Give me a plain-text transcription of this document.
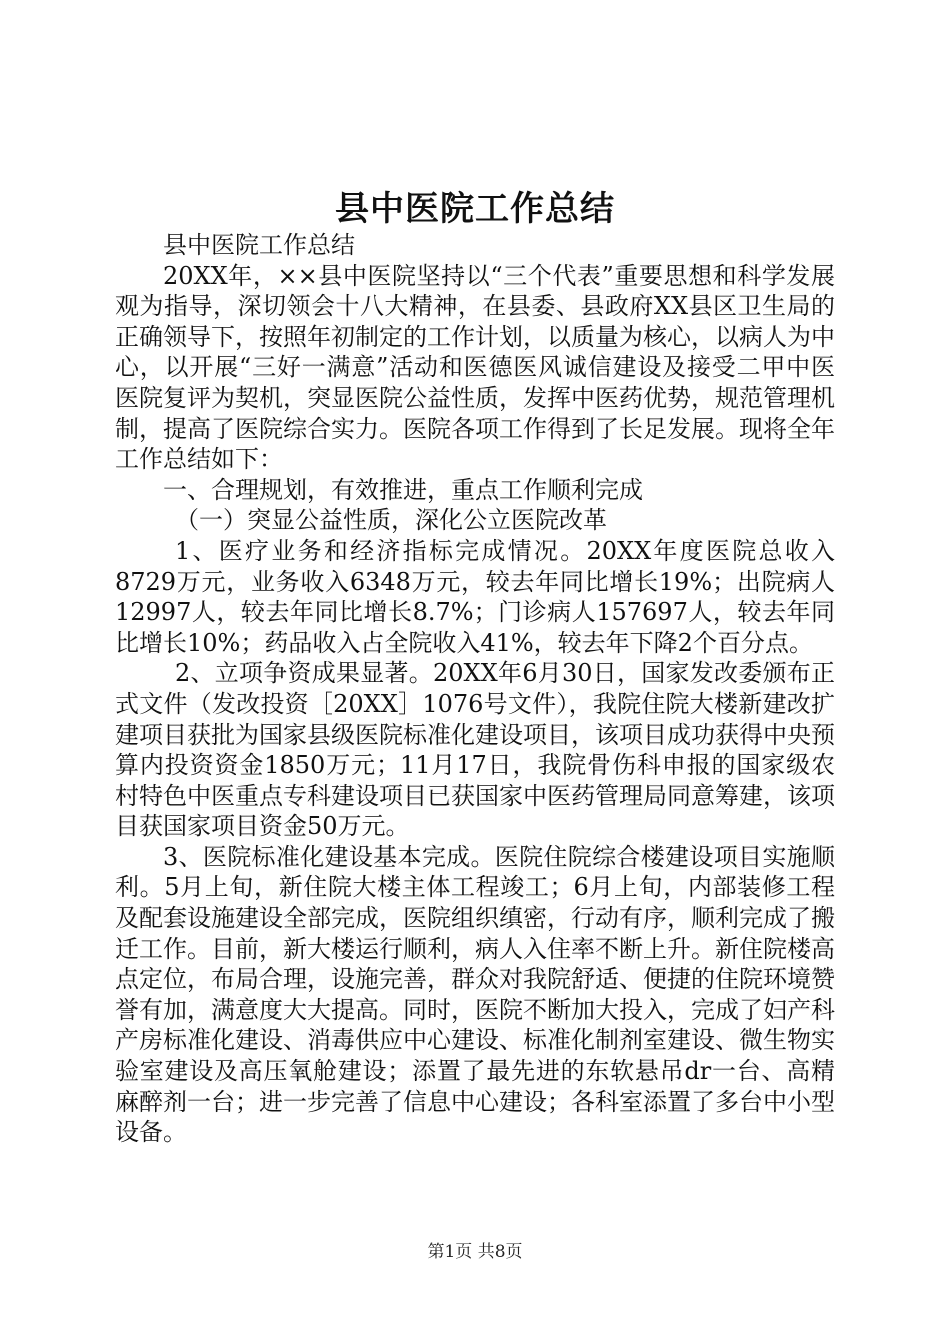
县中医院工作总结

县中医院工作总结

20XX年，××县中医院坚持以“三个代表”重要思想和科学发展观为指导，深切领会十八大精神，在县委、县政府XX县区卫生局的正确领导下，按照年初制定的工作计划，以质量为核心，以病人为中心，以开展“三好一满意”活动和医德医风诚信建设及接受二甲中医医院复评为契机，突显医院公益性质，发挥中医药优势，规范管理机制，提高了医院综合实力。医院各项工作得到了长足发展。现将全年工作总结如下：

一、合理规划，有效推进，重点工作顺利完成

（一）突显公益性质，深化公立医院改革

1、医疗业务和经济指标完成情况。20XX年度医院总收入8729万元，业务收入6348万元，较去年同比增长19%；出院病人12997人，较去年同比增长8.7%；门诊病人157697人，较去年同比增长10%；药品收入占全院收入41%，较去年下降2个百分点。

2、立项争资成果显著。20XX年6月30日，国家发改委颁布正式文件（发改投资［20XX］1076号文件），我院住院大楼新建改扩建项目获批为国家县级医院标准化建设项目，该项目成功获得中央预算内投资资金1850万元；11月17日，我院骨伤科申报的国家级农村特色中医重点专科建设项目已获国家中医药管理局同意筹建，该项目获国家项目资金50万元。

3、医院标准化建设基本完成。医院住院综合楼建设项目实施顺利。5月上旬，新住院大楼主体工程竣工；6月上旬，内部装修工程及配套设施建设全部完成，医院组织缜密，行动有序，顺利完成了搬迁工作。目前，新大楼运行顺利，病人入住率不断上升。新住院楼高点定位，布局合理，设施完善，群众对我院舒适、便捷的住院环境赞誉有加，满意度大大提高。同时，医院不断加大投入，完成了妇产科产房标准化建设、消毒供应中心建设、标准化制剂室建设、微生物实验室建设及高压氧舱建设；添置了最先进的东软悬吊dr一台、高精麻醉剂一台；进一步完善了信息中心建设；各科室添置了多台中小型设备。

第1页 共8页
